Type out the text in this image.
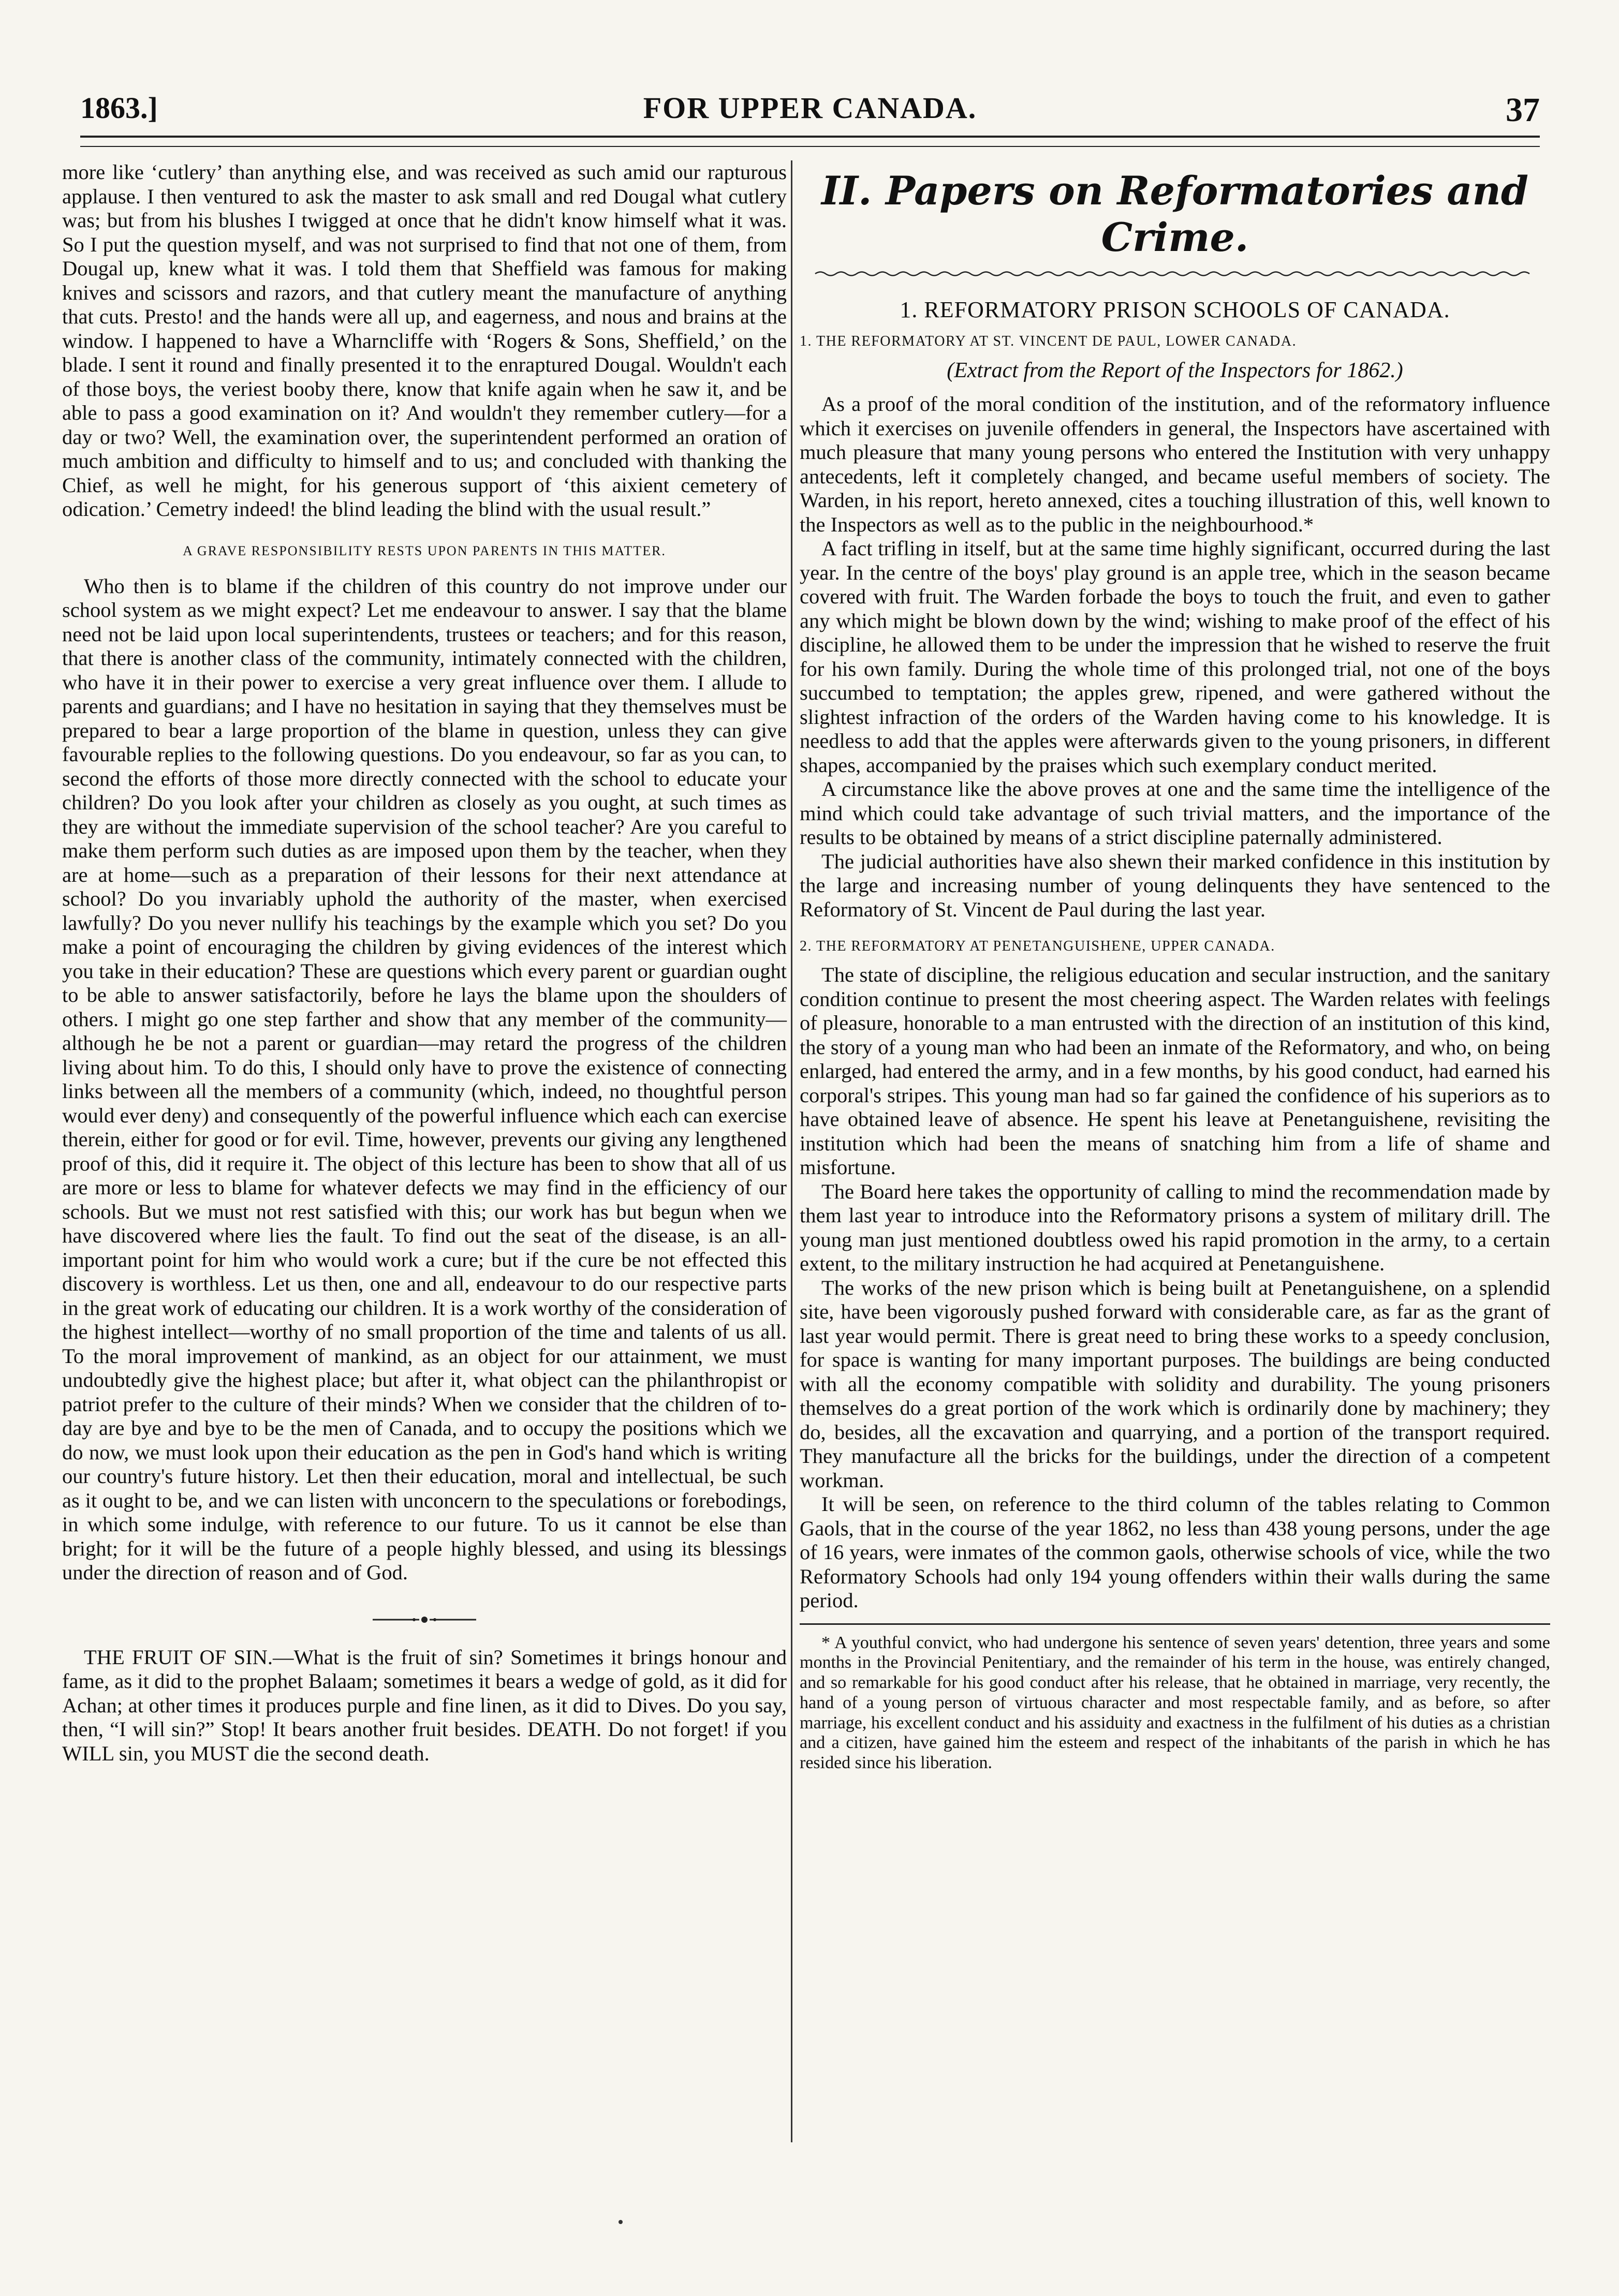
1863.]	FOR UPPER CANADA.	37

more like ‘cutlery’ than anything else, and was received as such amid our rapturous applause. I then ventured to ask the master to ask small and red Dougal what cutlery was; but from his blushes I twigged at once that he didn't know himself what it was. So I put the question myself, and was not surprised to find that not one of them, from Dougal up, knew what it was. I told them that Sheffield was famous for making knives and scissors and razors, and that cutlery meant the manufacture of anything that cuts. Presto! and the hands were all up, and eagerness, and nous and brains at the window. I happened to have a Wharncliffe with ‘Rogers & Sons, Sheffield,’ on the blade. I sent it round and finally presented it to the enraptured Dougal. Wouldn't each of those boys, the veriest booby there, know that knife again when he saw it, and be able to pass a good examination on it? And wouldn't they remember cutlery—for a day or two? Well, the examination over, the superintendent performed an oration of much ambition and difficulty to himself and to us; and concluded with thanking the Chief, as well he might, for his generous support of ‘this aixient cemetery of odication.’ Cemetry indeed! the blind leading the blind with the usual result.”

A GRAVE RESPONSIBILITY RESTS UPON PARENTS IN THIS MATTER.

Who then is to blame if the children of this country do not improve under our school system as we might expect? Let me endeavour to answer. I say that the blame need not be laid upon local superintendents, trustees or teachers; and for this reason, that there is another class of the community, intimately connected with the children, who have it in their power to exercise a very great influence over them. I allude to parents and guardians; and I have no hesitation in saying that they themselves must be prepared to bear a large proportion of the blame in question, unless they can give favourable replies to the following questions. Do you endeavour, so far as you can, to second the efforts of those more directly connected with the school to educate your children? Do you look after your children as closely as you ought, at such times as they are without the immediate supervision of the school teacher? Are you careful to make them perform such duties as are imposed upon them by the teacher, when they are at home—such as a preparation of their lessons for their next attendance at school? Do you invariably uphold the authority of the master, when exercised lawfully? Do you never nullify his teachings by the example which you set? Do you make a point of encouraging the children by giving evidences of the interest which you take in their education? These are questions which every parent or guardian ought to be able to answer satisfactorily, before he lays the blame upon the shoulders of others. I might go one step farther and show that any member of the community—although he be not a parent or guardian—may retard the progress of the children living about him. To do this, I should only have to prove the existence of connecting links between all the members of a community (which, indeed, no thoughtful person would ever deny) and consequently of the powerful influence which each can exercise therein, either for good or for evil. Time, however, prevents our giving any lengthened proof of this, did it require it. The object of this lecture has been to show that all of us are more or less to blame for whatever defects we may find in the efficiency of our schools. But we must not rest satisfied with this; our work has but begun when we have discovered where lies the fault. To find out the seat of the disease, is an all-important point for him who would work a cure; but if the cure be not effected this discovery is worthless. Let us then, one and all, endeavour to do our respective parts in the great work of educating our children. It is a work worthy of the consideration of the highest intellect—worthy of no small proportion of the time and talents of us all. To the moral improvement of mankind, as an object for our attainment, we must undoubtedly give the highest place; but after it, what object can the philanthropist or patriot prefer to the culture of their minds? When we consider that the children of to-day are bye and bye to be the men of Canada, and to occupy the positions which we do now, we must look upon their education as the pen in God's hand which is writing our country's future history. Let then their education, moral and intellectual, be such as it ought to be, and we can listen with unconcern to the speculations or forebodings, in which some indulge, with reference to our future. To us it cannot be else than bright; for it will be the future of a people highly blessed, and using its blessings under the direction of reason and of God.

THE FRUIT OF SIN.—What is the fruit of sin? Sometimes it brings honour and fame, as it did to the prophet Balaam; sometimes it bears a wedge of gold, as it did for Achan; at other times it produces purple and fine linen, as it did to Dives. Do you say, then, “I will sin?” Stop! It bears another fruit besides. DEATH. Do not forget! if you WILL sin, you MUST die the second death.

II. Papers on Reformatories and Crime.
1. REFORMATORY PRISON SCHOOLS OF CANADA.
1. THE REFORMATORY AT ST. VINCENT DE PAUL, LOWER CANADA.
(Extract from the Report of the Inspectors for 1862.)

As a proof of the moral condition of the institution, and of the reformatory influence which it exercises on juvenile offenders in general, the Inspectors have ascertained with much pleasure that many young persons who entered the Institution with very unhappy antecedents, left it completely changed, and became useful members of society. The Warden, in his report, hereto annexed, cites a touching illustration of this, well known to the Inspectors as well as to the public in the neighbourhood.*

A fact trifling in itself, but at the same time highly significant, occurred during the last year. In the centre of the boys' play ground is an apple tree, which in the season became covered with fruit. The Warden forbade the boys to touch the fruit, and even to gather any which might be blown down by the wind; wishing to make proof of the effect of his discipline, he allowed them to be under the impression that he wished to reserve the fruit for his own family. During the whole time of this prolonged trial, not one of the boys succumbed to temptation; the apples grew, ripened, and were gathered without the slightest infraction of the orders of the Warden having come to his knowledge. It is needless to add that the apples were afterwards given to the young prisoners, in different shapes, accompanied by the praises which such exemplary conduct merited.

A circumstance like the above proves at one and the same time the intelligence of the mind which could take advantage of such trivial matters, and the importance of the results to be obtained by means of a strict discipline paternally administered.

The judicial authorities have also shewn their marked confidence in this institution by the large and increasing number of young delinquents they have sentenced to the Reformatory of St. Vincent de Paul during the last year.

2. THE REFORMATORY AT PENETANGUISHENE, UPPER CANADA.

The state of discipline, the religious education and secular instruction, and the sanitary condition continue to present the most cheering aspect. The Warden relates with feelings of pleasure, honorable to a man entrusted with the direction of an institution of this kind, the story of a young man who had been an inmate of the Reformatory, and who, on being enlarged, had entered the army, and in a few months, by his good conduct, had earned his corporal's stripes. This young man had so far gained the confidence of his superiors as to have obtained leave of absence. He spent his leave at Penetanguishene, revisiting the institution which had been the means of snatching him from a life of shame and misfortune.

The Board here takes the opportunity of calling to mind the recommendation made by them last year to introduce into the Reformatory prisons a system of military drill. The young man just mentioned doubtless owed his rapid promotion in the army, to a certain extent, to the military instruction he had acquired at Penetanguishene.

The works of the new prison which is being built at Penetanguishene, on a splendid site, have been vigorously pushed forward with considerable care, as far as the grant of last year would permit. There is great need to bring these works to a speedy conclusion, for space is wanting for many important purposes. The buildings are being conducted with all the economy compatible with solidity and durability. The young prisoners themselves do a great portion of the work which is ordinarily done by machinery; they do, besides, all the excavation and quarrying, and a portion of the transport required. They manufacture all the bricks for the buildings, under the direction of a competent workman.

It will be seen, on reference to the third column of the tables relating to Common Gaols, that in the course of the year 1862, no less than 438 young persons, under the age of 16 years, were inmates of the common gaols, otherwise schools of vice, while the two Reformatory Schools had only 194 young offenders within their walls during the same period.

* A youthful convict, who had undergone his sentence of seven years' detention, three years and some months in the Provincial Penitentiary, and the remainder of his term in the house, was entirely changed, and so remarkable for his good conduct after his release, that he obtained in marriage, very recently, the hand of a young person of virtuous character and most respectable family, and as before, so after marriage, his excellent conduct and his assiduity and exactness in the fulfilment of his duties as a christian and a citizen, have gained him the esteem and respect of the inhabitants of the parish in which he has resided since his liberation.
